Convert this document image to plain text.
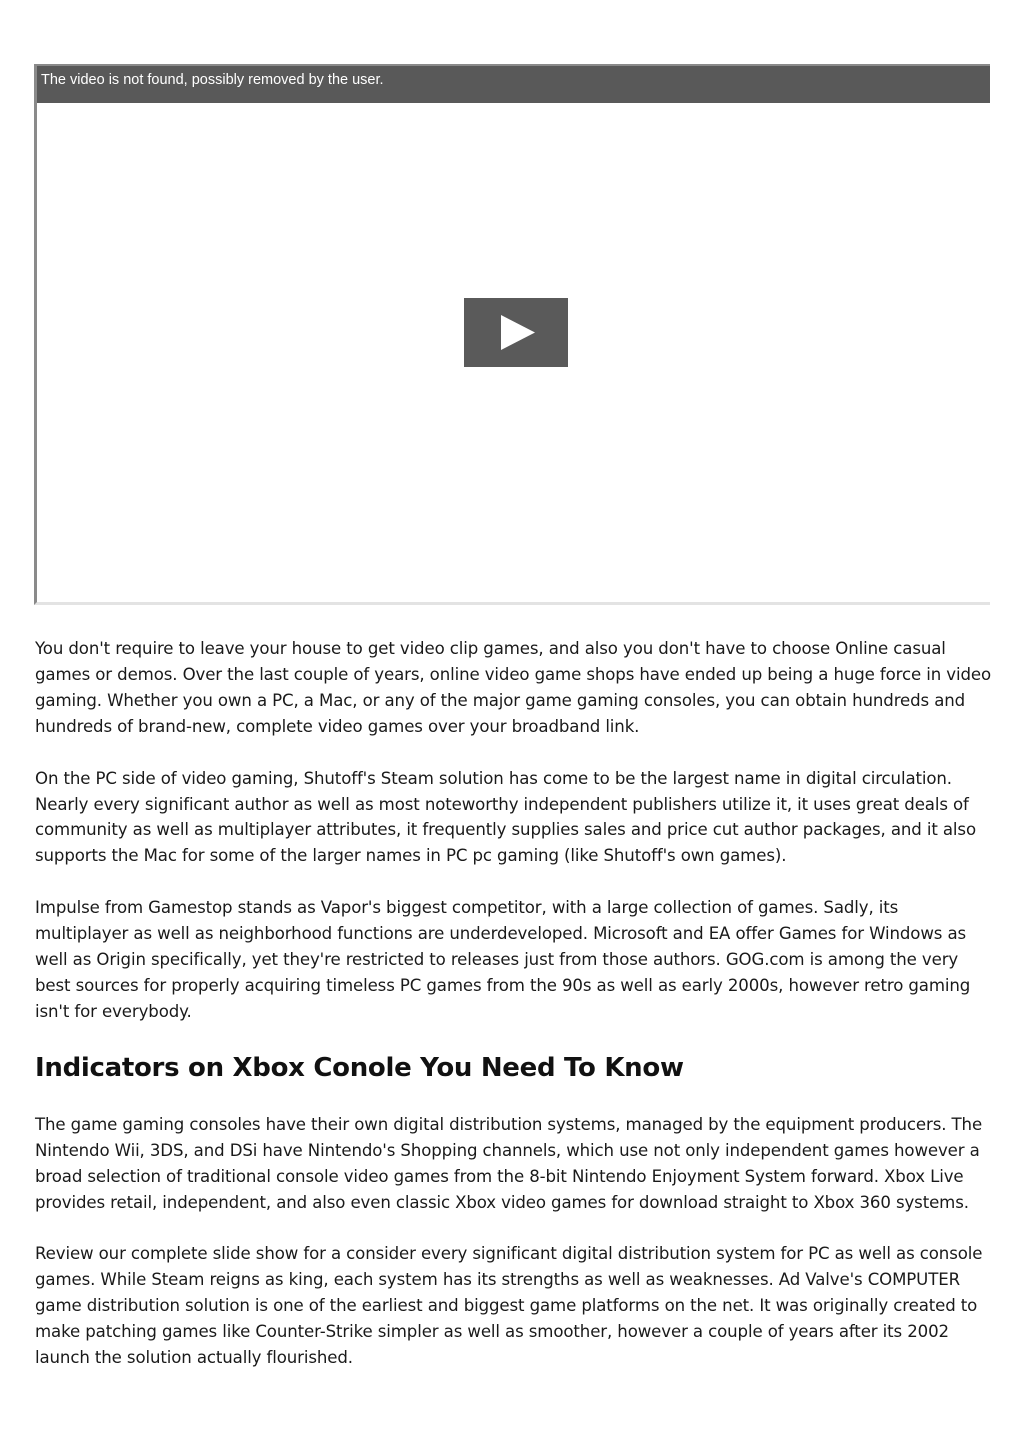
The video is not found, possibly removed by the user.

You don't require to leave your house to get video clip games, and also you don't have to choose Online casual games or demos. Over the last couple of years, online video game shops have ended up being a huge force in video gaming. Whether you own a PC, a Mac, or any of the major game gaming consoles, you can obtain hundreds and hundreds of brand-new, complete video games over your broadband link.

On the PC side of video gaming, Shutoff's Steam solution has come to be the largest name in digital circulation. Nearly every significant author as well as most noteworthy independent publishers utilize it, it uses great deals of community as well as multiplayer attributes, it frequently supplies sales and price cut author packages, and it also supports the Mac for some of the larger names in PC pc gaming (like Shutoff's own games).

Impulse from Gamestop stands as Vapor's biggest competitor, with a large collection of games. Sadly, its multiplayer as well as neighborhood functions are underdeveloped. Microsoft and EA offer Games for Windows as well as Origin specifically, yet they're restricted to releases just from those authors. GOG.com is among the very best sources for properly acquiring timeless PC games from the 90s as well as early 2000s, however retro gaming isn't for everybody.

Indicators on Xbox Conole You Need To Know

The game gaming consoles have their own digital distribution systems, managed by the equipment producers. The Nintendo Wii, 3DS, and DSi have Nintendo's Shopping channels, which use not only independent games however a broad selection of traditional console video games from the 8-bit Nintendo Enjoyment System forward. Xbox Live provides retail, independent, and also even classic Xbox video games for download straight to Xbox 360 systems.

Review our complete slide show for a consider every significant digital distribution system for PC as well as console games. While Steam reigns as king, each system has its strengths as well as weaknesses. Ad Valve's COMPUTER game distribution solution is one of the earliest and biggest game platforms on the net. It was originally created to make patching games like Counter-Strike simpler as well as smoother, however a couple of years after its 2002 launch the solution actually flourished.
